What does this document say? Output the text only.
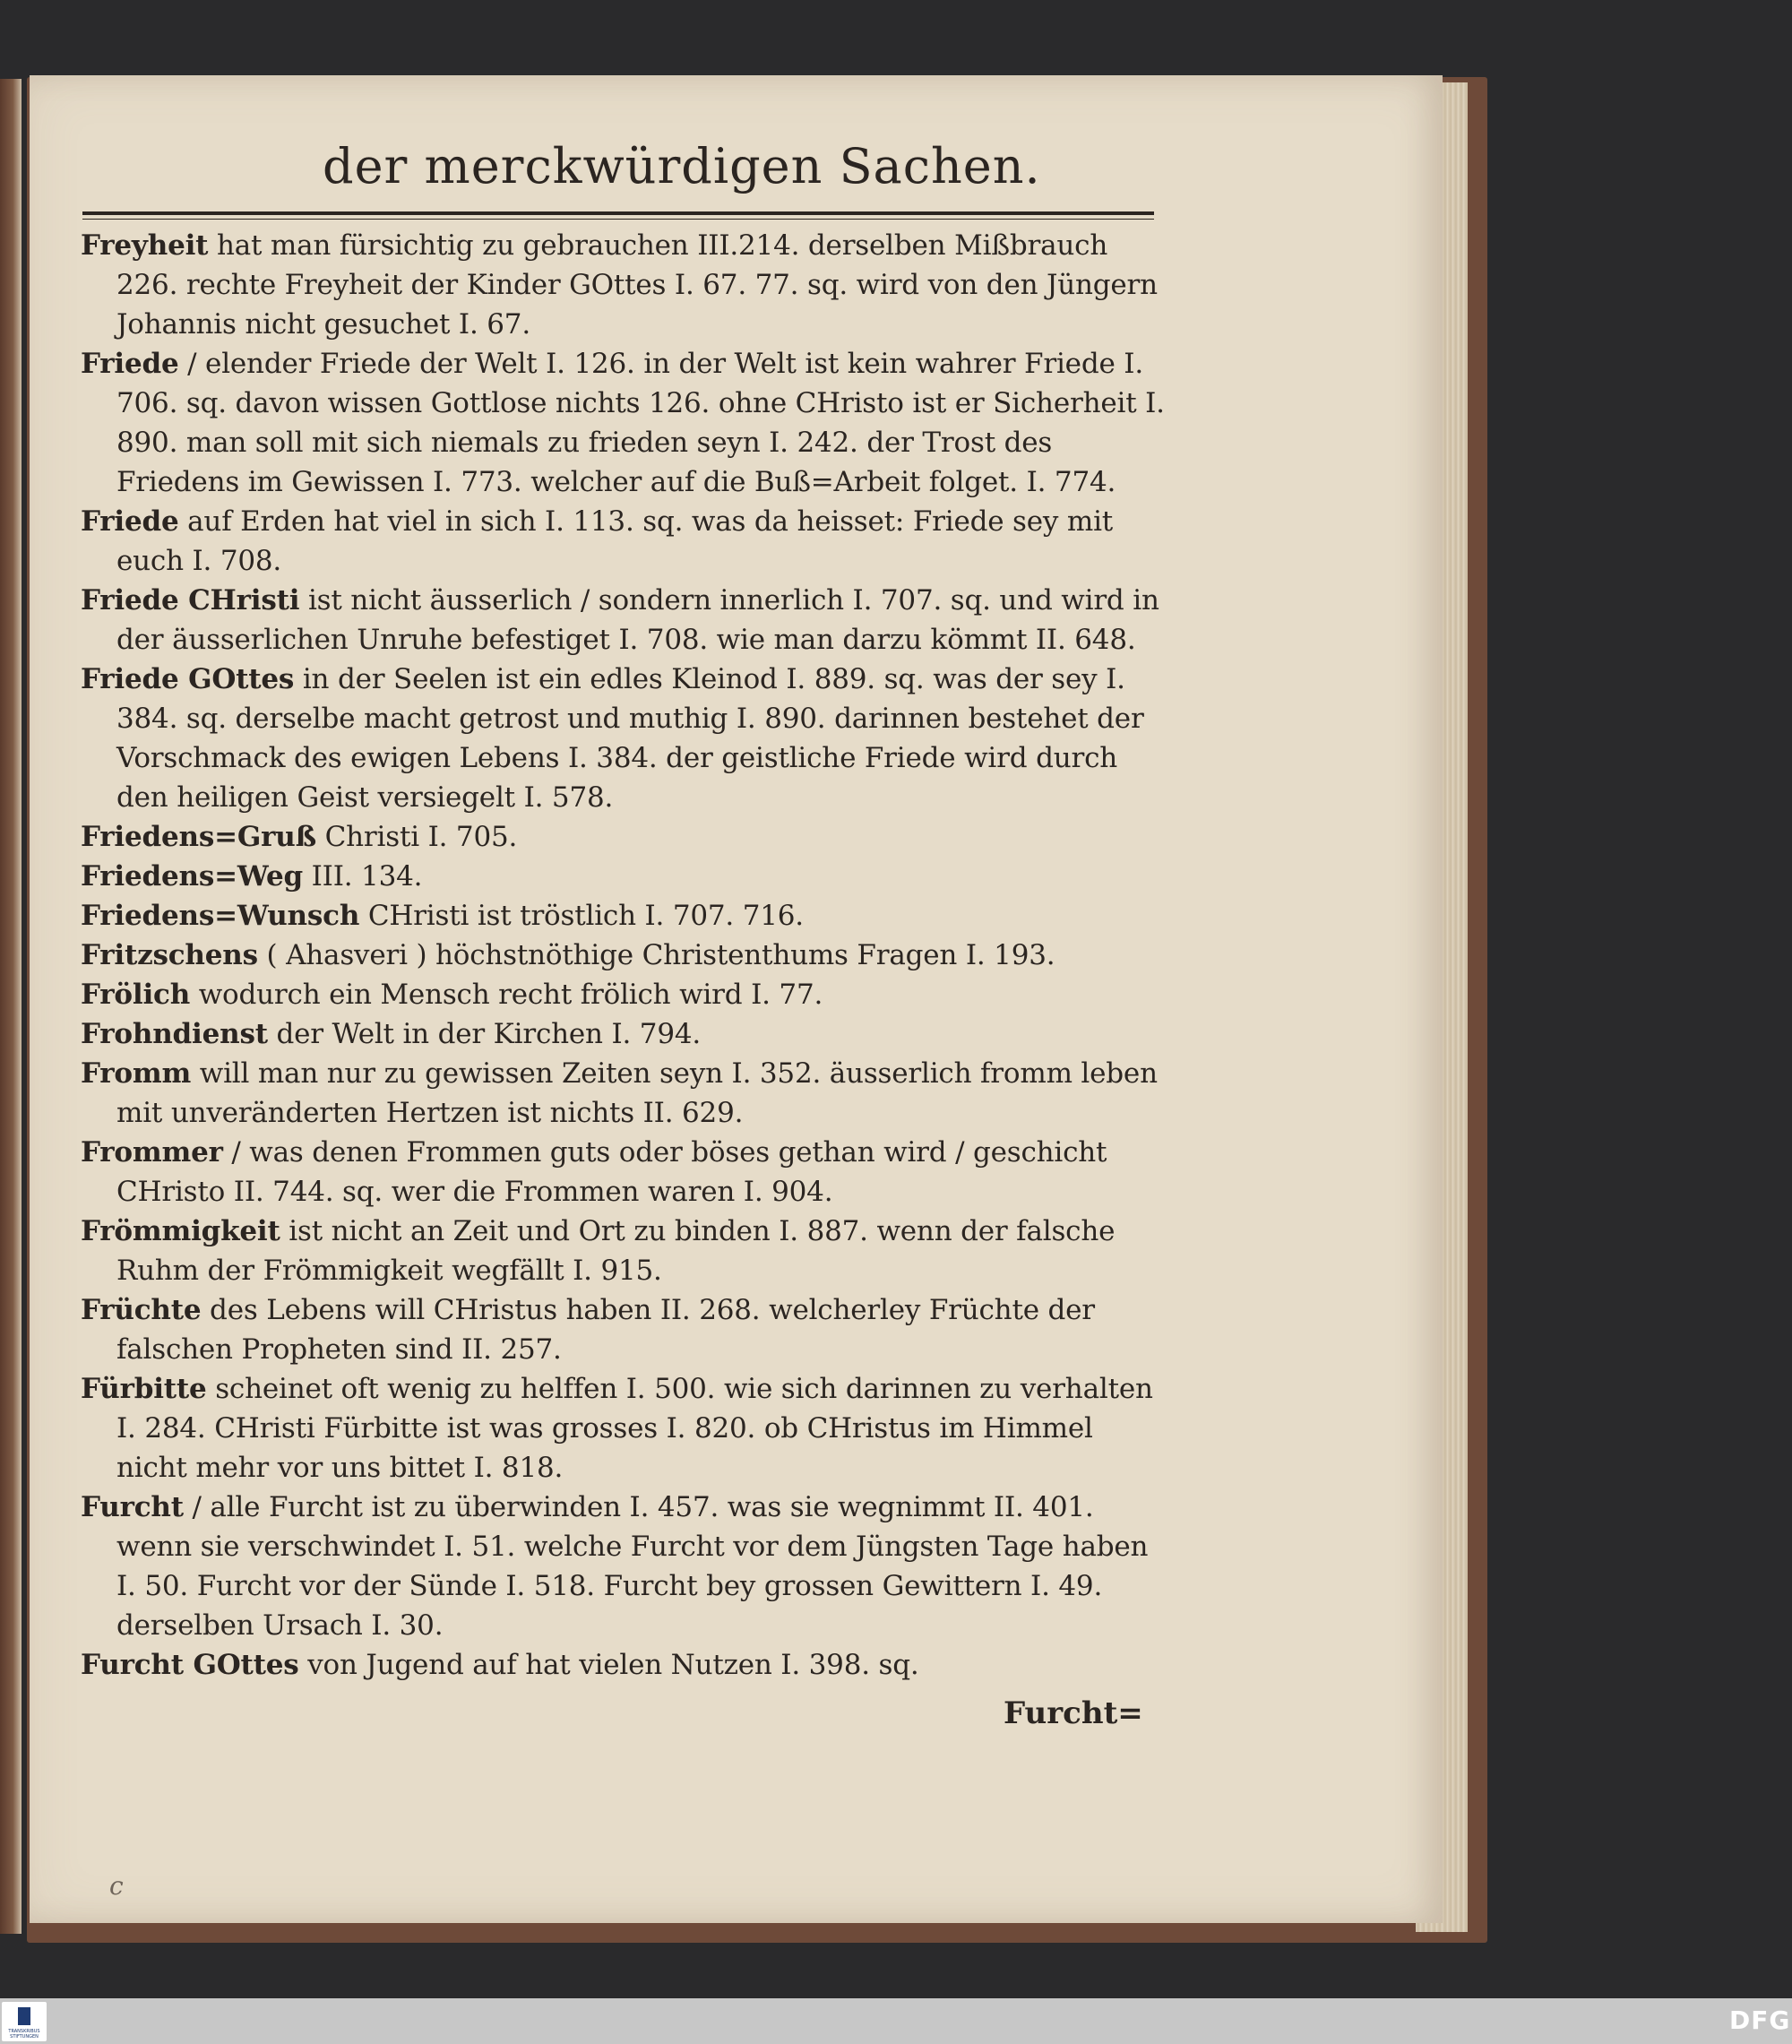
der merckwürdigen Sachen.

Freyheit hat man fürsichtig zu gebrauchen III.214. derselben Mißbrauch 226. rechte Freyheit der Kinder GOttes I. 67. 77. sq. wird von den Jüngern Johannis nicht gesuchet I. 67.

Friede / elender Friede der Welt I. 126. in der Welt ist kein wahrer Friede I. 706. sq. davon wissen Gottlose nichts 126. ohne CHristo ist er Sicherheit I. 890. man soll mit sich niemals zu frieden seyn I. 242. der Trost des Friedens im Gewissen I. 773. welcher auf die Buß=Arbeit folget. I. 774.

Friede auf Erden hat viel in sich I. 113. sq. was da heisset: Friede sey mit euch I. 708.

Friede CHristi ist nicht äusserlich / sondern innerlich I. 707. sq. und wird in der äusserlichen Unruhe befestiget I. 708. wie man darzu kömmt II. 648.

Friede GOttes in der Seelen ist ein edles Kleinod I. 889. sq. was der sey I. 384. sq. derselbe macht getrost und muthig I. 890. darinnen bestehet der Vorschmack des ewigen Lebens I. 384. der geistliche Friede wird durch den heiligen Geist versiegelt I. 578.

Friedens=Gruß Christi I. 705.

Friedens=Weg III. 134.

Friedens=Wunsch CHristi ist tröstlich I. 707. 716.

Fritzschens ( Ahasveri ) höchstnöthige Christenthums Fragen I. 193.

Frölich wodurch ein Mensch recht frölich wird I. 77.

Frohndienst der Welt in der Kirchen I. 794.

Fromm will man nur zu gewissen Zeiten seyn I. 352. äusserlich fromm leben mit unveränderten Hertzen ist nichts II. 629.

Frommer / was denen Frommen guts oder böses gethan wird / geschicht CHristo II. 744. sq. wer die Frommen waren I. 904.

Frömmigkeit ist nicht an Zeit und Ort zu binden I. 887. wenn der falsche Ruhm der Frömmigkeit wegfällt I. 915.

Früchte des Lebens will CHristus haben II. 268. welcherley Früchte der falschen Propheten sind II. 257.

Fürbitte scheinet oft wenig zu helffen I. 500. wie sich darinnen zu verhalten I. 284. CHristi Fürbitte ist was grosses I. 820. ob CHristus im Himmel nicht mehr vor uns bittet I. 818.

Furcht / alle Furcht ist zu überwinden I. 457. was sie wegnimmt II. 401. wenn sie verschwindet I. 51. welche Furcht vor dem Jüngsten Tage haben I. 50. Furcht vor der Sünde I. 518. Furcht bey grossen Gewittern I. 49. derselben Ursach I. 30.

Furcht GOttes von Jugend auf hat vielen Nutzen I. 398. sq.

Furcht=
c
TRANSKRIBUS STIFTUNGEN
DFG
